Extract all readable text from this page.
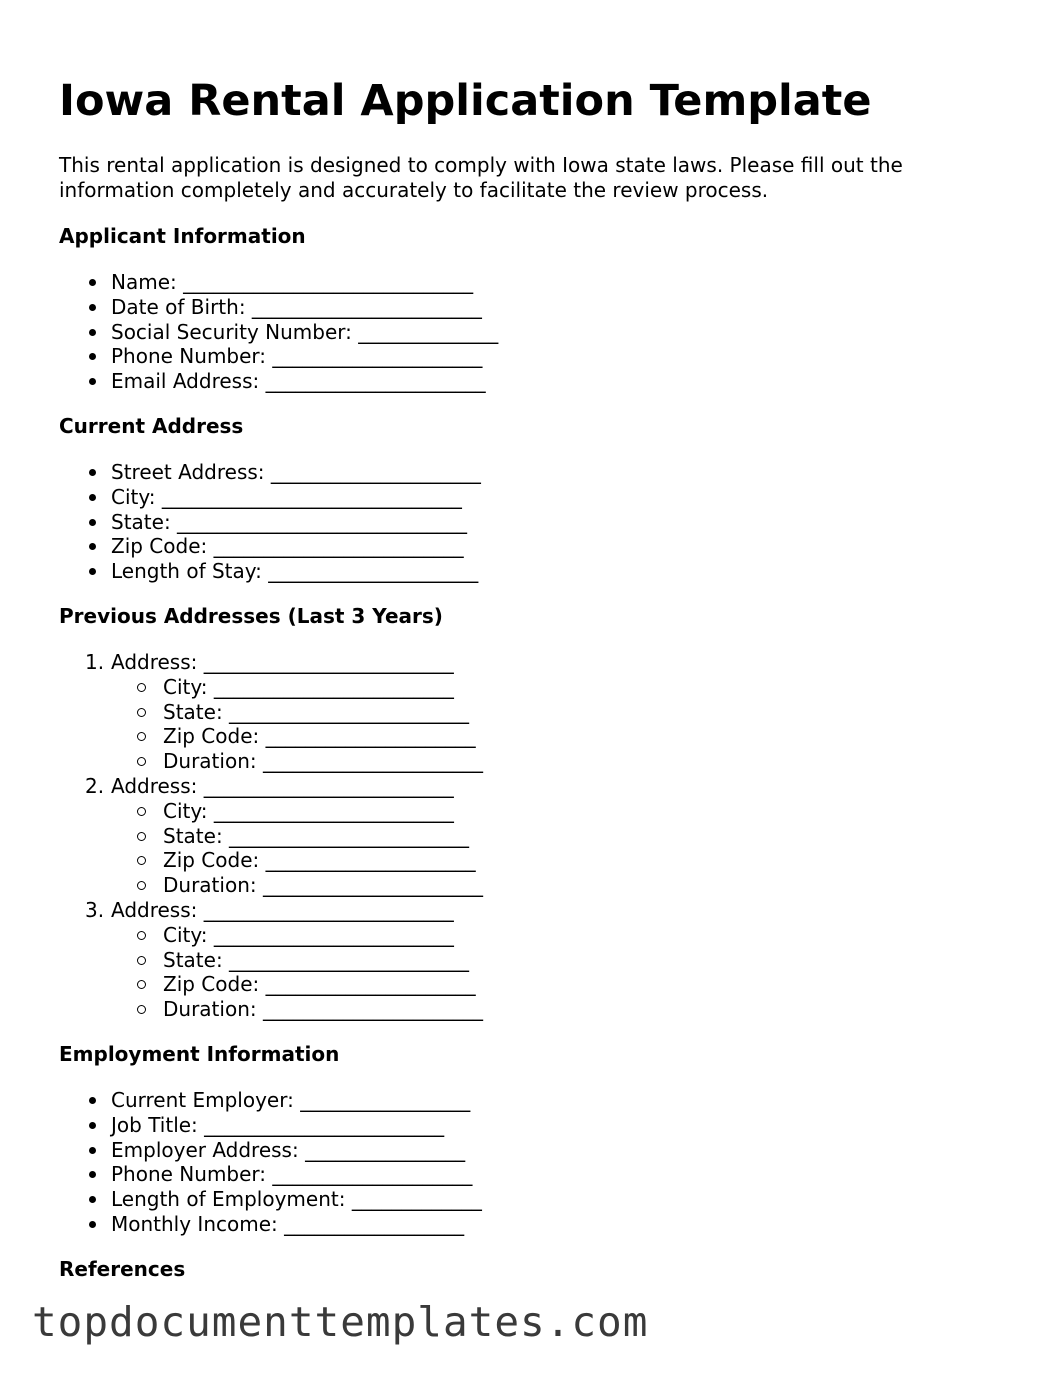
Iowa Rental Application Template

This rental application is designed to comply with Iowa state laws. Please fill out the information completely and accurately to facilitate the review process.

Applicant Information
Name: _____________________________
Date of Birth: _______________________
Social Security Number: ______________
Phone Number: _____________________
Email Address: ______________________
Current Address
Street Address: _____________________
City: ______________________________
State: _____________________________
Zip Code: _________________________
Length of Stay: _____________________
Previous Addresses (Last 3 Years)
1. Address: _________________________
City: ________________________
State: ________________________
Zip Code: _____________________
Duration: ______________________
2. Address: _________________________
City: ________________________
State: ________________________
Zip Code: _____________________
Duration: ______________________
3. Address: _________________________
City: ________________________
State: ________________________
Zip Code: _____________________
Duration: ______________________
Employment Information
Current Employer: _________________
Job Title: ________________________
Employer Address: ________________
Phone Number: ____________________
Length of Employment: _____________
Monthly Income: __________________
References
topdocumenttemplates.com
